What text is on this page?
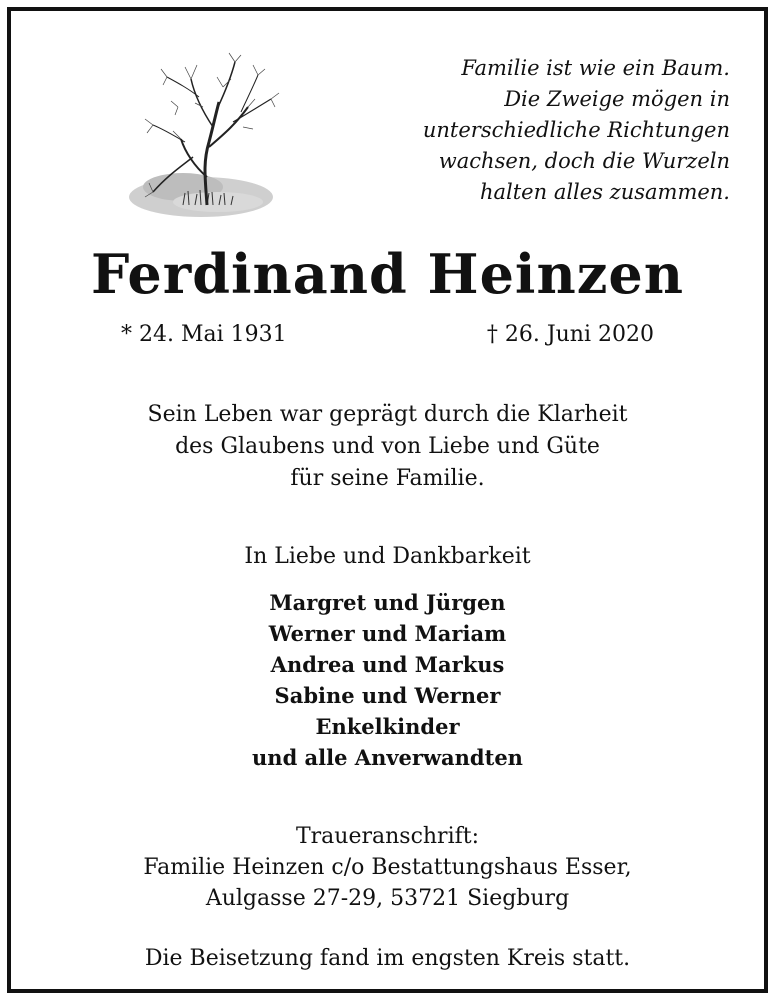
Familie ist wie ein Baum.
Die Zweige mögen in
unterschiedliche Richtungen
wachsen, doch die Wurzeln
halten alles zusammen.
Ferdinand Heinzen
* 24. Mai 1931	† 26. Juni 2020
Sein Leben war geprägt durch die Klarheit
des Glaubens und von Liebe und Güte
für seine Familie.
In Liebe und Dankbarkeit
Margret und Jürgen
Werner und Mariam
Andrea und Markus
Sabine und Werner
Enkelkinder
und alle Anverwandten
Traueranschrift:
Familie Heinzen c/o Bestattungshaus Esser,
Aulgasse 27-29, 53721 Siegburg
Die Beisetzung fand im engsten Kreis statt.
